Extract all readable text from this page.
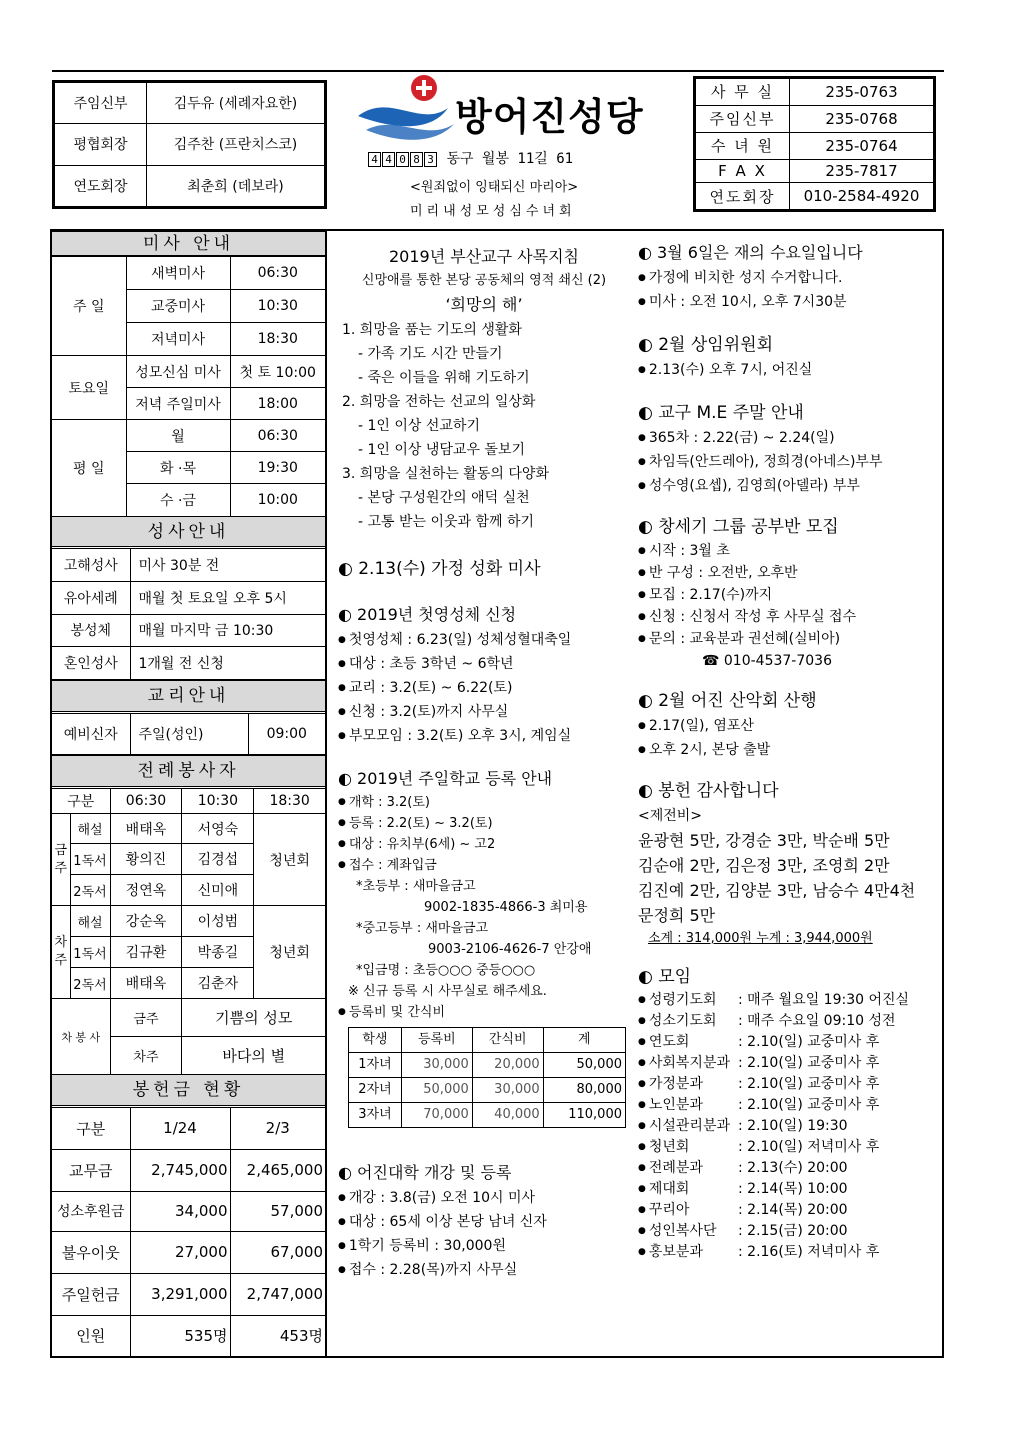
주임신부	김두유 (세례자요한)
평협회장	김주찬 (프란치스코)
연도회장	최춘희 (데보라)
방어진성당
4 4 0 8 3 동구 월봉 11길 61
<원죄없이 잉태되신 마리아>
미리내성모성심수녀회
사 무 실	235-0763
주임신부	235-0768
수 녀 원	235-0764
F A X	235-7817
연도회장	010-2584-4920
미사 안내
주 일	새벽미사	06:30
	교중미사	10:30
	저녁미사	18:30
토요일	성모신심 미사	첫 토 10:00
	저녁 주일미사	18:00
평 일	월	06:30
	화 ·목	19:30
	수 ·금	10:00
성사안내
고해성사	미사 30분 전
유아세례	매월 첫 토요일 오후 5시
봉성체	매월 마지막 금 10:30
혼인성사	1개월 전 신청
교리안내
예비신자	주일(성인)	09:00
전례봉사자
구분		06:30	10:30	18:30
금주	해설	배태옥	서영숙	청년회
	1독서	황의진	김경섭	
	2독서	정연옥	신미애	
차주	해설	강순옥	이성범	청년회
	1독서	김규환	박종길	
	2독서	배태옥	김춘자	
차 봉 사		금주	기쁨의 성모	
		차주	바다의 별	
봉헌금 현황
구분	1/24	2/3
교무금	2,745,000	2,465,000
성소후원금	34,000	57,000
불우이웃	27,000	67,000
주일헌금	3,291,000	2,747,000
인원	535명	453명
2019년 부산교구 사목지침
신망애를 통한 본당 공동체의 영적 쇄신 (2)
‘희망의 해’
1. 희망을 품는 기도의 생활화
- 가족 기도 시간 만들기
- 죽은 이들을 위해 기도하기
2. 희망을 전하는 선교의 일상화
- 1인 이상 선교하기
- 1인 이상 냉담교우 돌보기
3. 희망을 실천하는 활동의 다양화
- 본당 구성원간의 애덕 실천
- 고통 받는 이웃과 함께 하기
◐ 2.13(수) 가정 성화 미사
◐ 2019년 첫영성체 신청
● 첫영성체 : 6.23(일) 성체성혈대축일
● 대상 : 초등 3학년 ~ 6학년
● 교리 : 3.2(토) ~ 6.22(토)
● 신청 : 3.2(토)까지 사무실
● 부모모임 : 3.2(토) 오후 3시, 계임실
◐ 2019년 주일학교 등록 안내
● 개학 : 3.2(토)
● 등록 : 2.2(토) ~ 3.2(토)
● 대상 : 유치부(6세) ~ 고2
● 접수 : 계좌입금
*초등부 : 새마을금고
9002-1835-4866-3 최미용
*중고등부 : 새마을금고
9003-2106-4626-7 안강애
*입금명 : 초등○○○ 중등○○○
※ 신규 등록 시 사무실로 해주세요.
● 등록비 및 간식비
학생	등록비	간식비	계
1자녀	30,000	20,000	50,000
2자녀	50,000	30,000	80,000
3자녀	70,000	40,000	110,000
◐ 어진대학 개강 및 등록
● 개강 : 3.8(금) 오전 10시 미사
● 대상 : 65세 이상 본당 남녀 신자
● 1학기 등록비 : 30,000원
● 접수 : 2.28(목)까지 사무실
◐ 3월 6일은 재의 수요일입니다
● 가정에 비치한 성지 수거합니다.
● 미사 : 오전 10시, 오후 7시30분
◐ 2월 상임위원회
● 2.13(수) 오후 7시, 어진실
◐ 교구 M.E 주말 안내
● 365차 : 2.22(금) ~ 2.24(일)
● 차임득(안드레아), 정희경(아네스)부부
● 성수영(요셉), 김영희(아델라) 부부
◐ 창세기 그룹 공부반 모집
● 시작 : 3월 초
● 반 구성 : 오전반, 오후반
● 모집 : 2.17(수)까지
● 신청 : 신청서 작성 후 사무실 접수
● 문의 : 교육분과 권선혜(실비아)
☎ 010-4537-7036
◐ 2월 어진 산악회 산행
● 2.17(일), 염포산
● 오후 2시, 본당 출발
◐ 봉헌 감사합니다
<제전비>
윤광현 5만, 강경순 3만, 박순배 5만
김순애 2만, 김은정 3만, 조영희 2만
김진예 2만, 김양분 3만, 남승수 4만4천
문정희 5만
소계 : 314,000원 누계 : 3,944,000원
◐ 모임
● 성령기도회	: 매주 월요일 19:30 어진실
● 성소기도회	: 매주 수요일 09:10 성전
● 연도회	: 2.10(일) 교중미사 후
● 사회복지분과 : 2.10(일) 교중미사 후
● 가정분과	: 2.10(일) 교중미사 후
● 노인분과	: 2.10(일) 교중미사 후
● 시설관리분과 : 2.10(일) 19:30
● 청년회	: 2.10(일) 저녁미사 후
● 전례분과	: 2.13(수) 20:00
● 제대회	: 2.14(목) 10:00
● 꾸리아	: 2.14(목) 20:00
● 성인복사단	: 2.15(금) 20:00
● 홍보분과	: 2.16(토) 저녁미사 후
